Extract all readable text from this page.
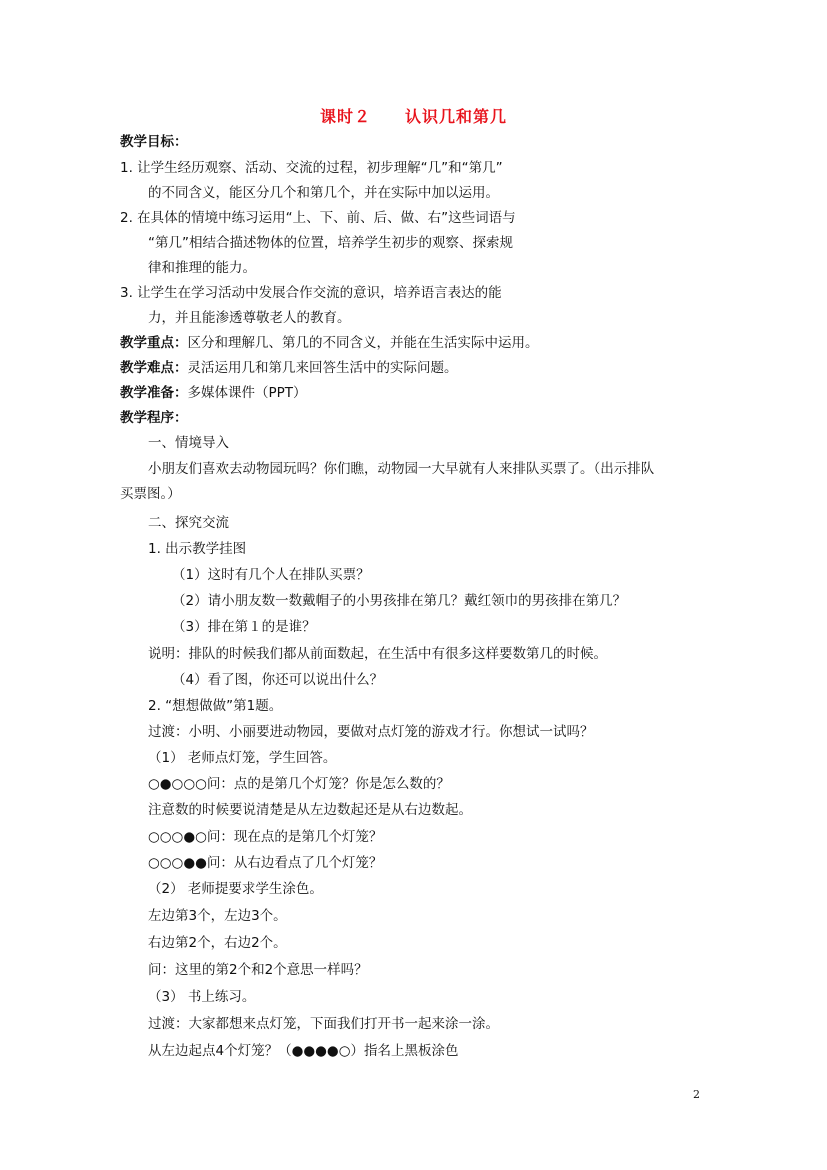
课时２ 认识几和第几
教学目标：
1. 让学生经历观察、活动、交流的过程，初步理解“几”和“第几”
的不同含义，能区分几个和第几个，并在实际中加以运用。
2. 在具体的情境中练习运用“上、下、前、后、做、右”这些词语与
“第几”相结合描述物体的位置，培养学生初步的观察、探索规
律和推理的能力。
3. 让学生在学习活动中发展合作交流的意识，培养语言表达的能
力，并且能渗透尊敬老人的教育。
教学重点：区分和理解几、第几的不同含义，并能在生活实际中运用。
教学难点：灵活运用几和第几来回答生活中的实际问题。
教学准备：多媒体课件（PPT）
教学程序：
一、情境导入
小朋友们喜欢去动物园玩吗？你们瞧，动物园一大早就有人来排队买票了。（出示排队
买票图。）
二、探究交流
1. 出示教学挂图
（1）这时有几个人在排队买票？
（2）请小朋友数一数戴帽子的小男孩排在第几？戴红领巾的男孩排在第几？
（3）排在第１的是谁？
说明：排队的时候我们都从前面数起，在生活中有很多这样要数第几的时候。
（4）看了图，你还可以说出什么？
2. “想想做做”第1题。
过渡：小明、小丽要进动物园，要做对点灯笼的游戏才行。你想试一试吗？
（1） 老师点灯笼，学生回答。
○●○○○问：点的是第几个灯笼？你是怎么数的？
注意数的时候要说清楚是从左边数起还是从右边数起。
○○○●○问：现在点的是第几个灯笼？
○○○●●问：从右边看点了几个灯笼？
（2） 老师提要求学生涂色。
左边第3个，左边3个。
右边第2个，右边2个。
问：这里的第2个和2个意思一样吗？
（3） 书上练习。
过渡：大家都想来点灯笼，下面我们打开书一起来涂一涂。
从左边起点4个灯笼？（●●●●○）指名上黑板涂色
2
